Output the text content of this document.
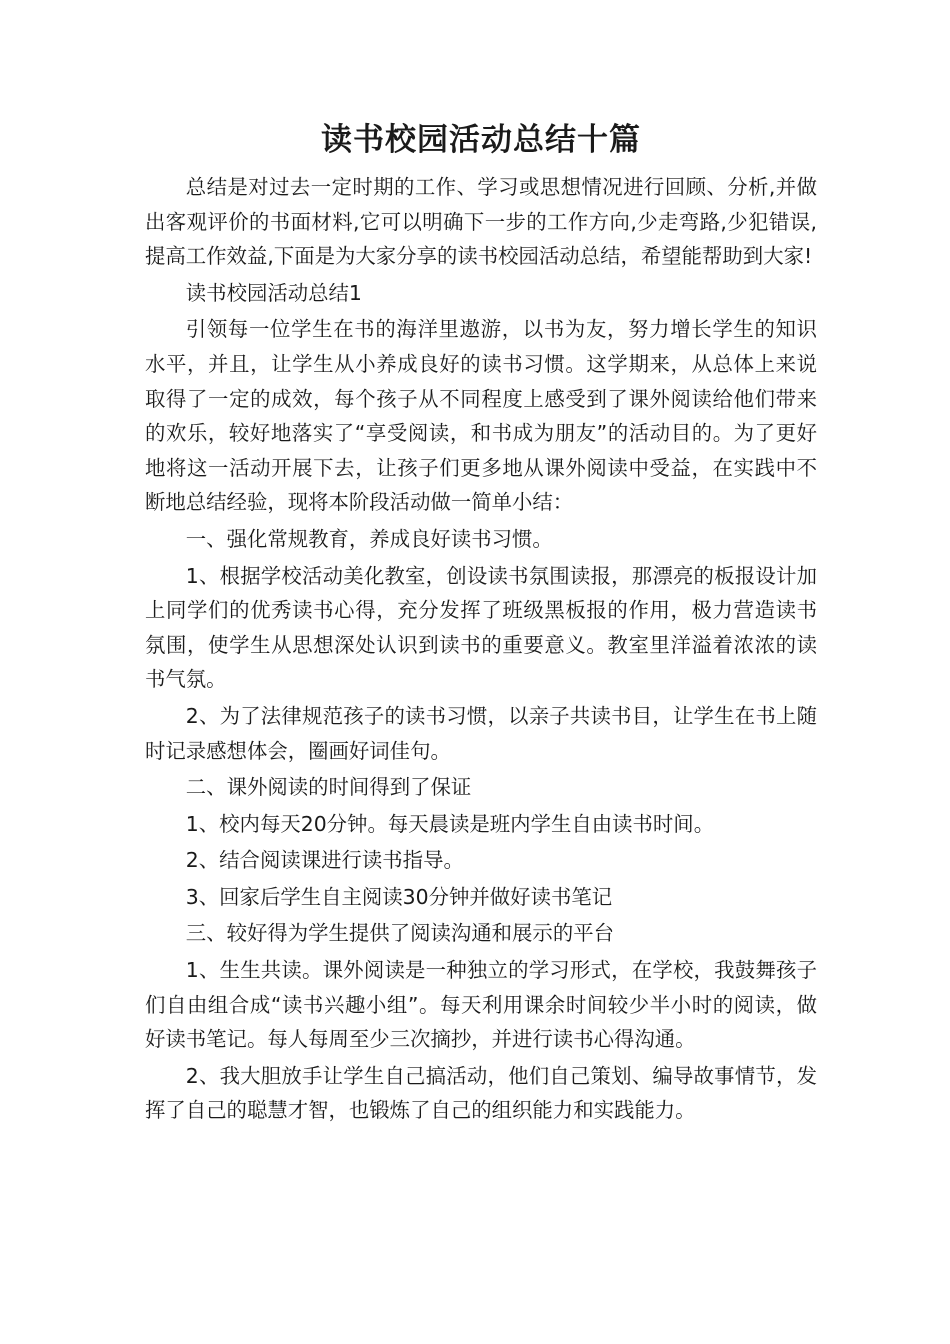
读书校园活动总结十篇

总结是对过去一定时期的工作、学习或思想情况进行回顾、分析,并做出客观评价的书面材料,它可以明确下一步的工作方向,少走弯路,少犯错误,提高工作效益,下面是为大家分享的读书校园活动总结，希望能帮助到大家!

读书校园活动总结1

引领每一位学生在书的海洋里遨游，以书为友，努力增长学生的知识水平，并且，让学生从小养成良好的读书习惯。这学期来，从总体上来说取得了一定的成效，每个孩子从不同程度上感受到了课外阅读给他们带来的欢乐，较好地落实了“享受阅读，和书成为朋友”的活动目的。为了更好地将这一活动开展下去，让孩子们更多地从课外阅读中受益，在实践中不断地总结经验，现将本阶段活动做一简单小结：

一、强化常规教育，养成良好读书习惯。

1、根据学校活动美化教室，创设读书氛围读报，那漂亮的板报设计加上同学们的优秀读书心得，充分发挥了班级黑板报的作用，极力营造读书氛围，使学生从思想深处认识到读书的重要意义。教室里洋溢着浓浓的读书气氛。

2、为了法律规范孩子的读书习惯，以亲子共读书目，让学生在书上随时记录感想体会，圈画好词佳句。

二、课外阅读的时间得到了保证

1、校内每天20分钟。每天晨读是班内学生自由读书时间。

2、结合阅读课进行读书指导。

3、回家后学生自主阅读30分钟并做好读书笔记

三、较好得为学生提供了阅读沟通和展示的平台

1、生生共读。课外阅读是一种独立的学习形式，在学校，我鼓舞孩子们自由组合成“读书兴趣小组”。每天利用课余时间较少半小时的阅读，做好读书笔记。每人每周至少三次摘抄，并进行读书心得沟通。

2、我大胆放手让学生自己搞活动，他们自己策划、编导故事情节，发挥了自己的聪慧才智，也锻炼了自己的组织能力和实践能力。
